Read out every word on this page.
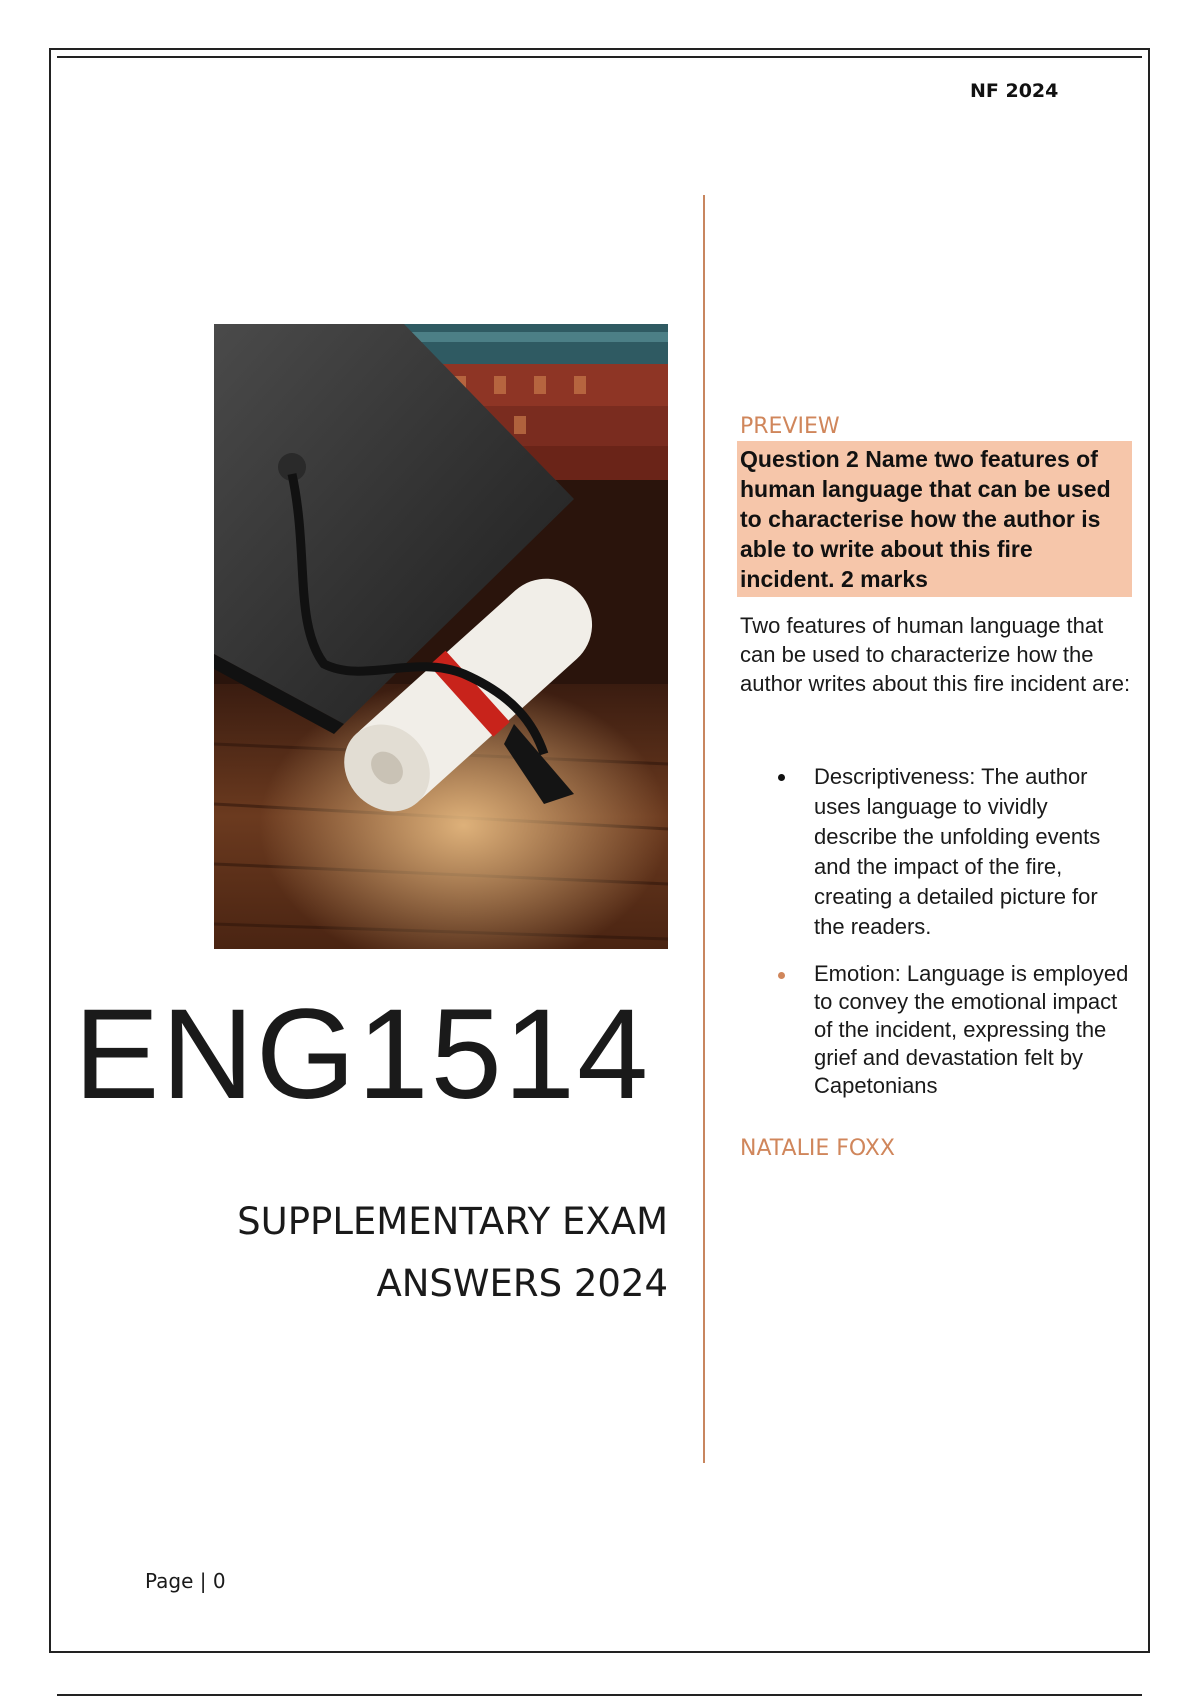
NF 2024
ENG1514
SUPPLEMENTARY EXAM
ANSWERS 2024
Page | 0
PREVIEW
Question 2 Name two features of human language that can be used to characterise how the author is able to write about this fire incident. 2 marks
Two features of human language that can be used to characterize how the author writes about this fire incident are:
Descriptiveness: The author uses language to vividly describe the unfolding events and the impact of the fire, creating a detailed picture for the readers.
Emotion: Language is employed to convey the emotional impact of the incident, expressing the grief and devastation felt by Capetonians
NATALIE FOXX
